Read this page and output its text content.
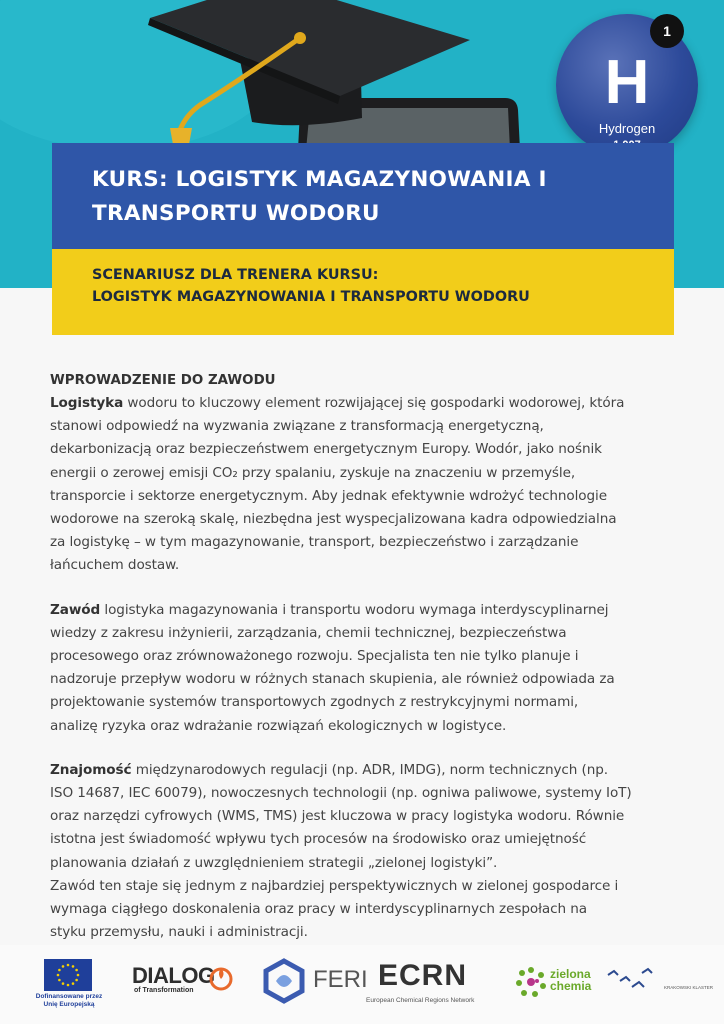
H
Hydrogen
1
KURS: LOGISTYK MAGAZYNOWANIA I TRANSPORTU WODORU
SCENARIUSZ DLA TRENERA KURSU:
LOGISTYK MAGAZYNOWANIA I TRANSPORTU WODORU
WPROWADZENIE DO ZAWODU
Logistyka wodoru to kluczowy element rozwijającej się gospodarki wodorowej, która
stanowi odpowiedź na wyzwania związane z transformacją energetyczną,
dekarbonizacją oraz bezpieczeństwem energetycznym Europy. Wodór, jako nośnik
energii o zerowej emisji CO₂ przy spalaniu, zyskuje na znaczeniu w przemyśle,
transporcie i sektorze energetycznym. Aby jednak efektywnie wdrożyć technologie
wodorowe na szeroką skalę, niezbędna jest wyspecjalizowana kadra odpowiedzialna
za logistykę – w tym magazynowanie, transport, bezpieczeństwo i zarządzanie
łańcuchem dostaw.
Zawód logistyka magazynowania i transportu wodoru wymaga interdyscyplinarnej
wiedzy z zakresu inżynierii, zarządzania, chemii technicznej, bezpieczeństwa
procesowego oraz zrównoważonego rozwoju. Specjalista ten nie tylko planuje i
nadzoruje przepływ wodoru w różnych stanach skupienia, ale również odpowiada za
projektowanie systemów transportowych zgodnych z restrykcyjnymi normami,
analizę ryzyka oraz wdrażanie rozwiązań ekologicznych w logistyce.
Znajomość międzynarodowych regulacji (np. ADR, IMDG), norm technicznych (np.
ISO 14687, IEC 60079), nowoczesnych technologii (np. ogniwa paliwowe, systemy IoT)
oraz narzędzi cyfrowych (WMS, TMS) jest kluczowa w pracy logistyka wodoru. Równie
istotna jest świadomość wpływu tych procesów na środowisko oraz umiejętność
planowania działań z uwzględnieniem strategii „zielonej logistyki”.
Zawód ten staje się jednym z najbardziej perspektywicznych w zielonej gospodarce i
wymaga ciągłego doskonalenia oraz pracy w interdyscyplinarnych zespołach na
styku przemysłu, nauki i administracji.
Dofinansowane przez
Unię Europejską
DIALOG
of Transformation	FERI ECRN
European Chemical Regions Network
zielona
chemia	KRAKOWSKI KLASTER
